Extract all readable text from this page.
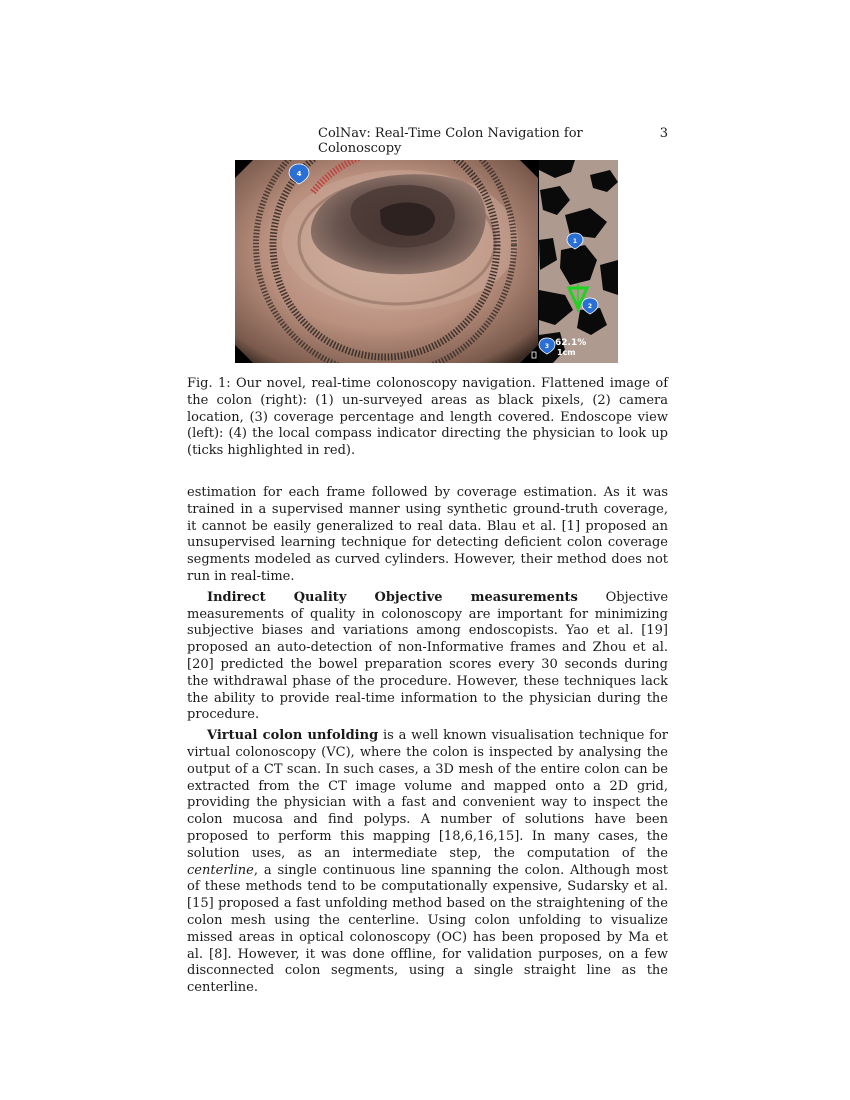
ColNav: Real-Time Colon Navigation for Colonoscopy
3
4
1
2
3 62.1%
1cm
Fig. 1: Our novel, real-time colonoscopy navigation. Flattened image of the colon (right): (1) un-surveyed areas as black pixels, (2) camera location, (3) coverage percentage and length covered. Endoscope view (left): (4) the local compass indicator directing the physician to look up (ticks highlighted in red).

estimation for each frame followed by coverage estimation. As it was trained in a supervised manner using synthetic ground-truth coverage, it cannot be easily generalized to real data. Blau et al. [1] proposed an unsupervised learning technique for detecting deficient colon coverage segments modeled as curved cylinders. However, their method does not run in real-time.

Indirect Quality Objective measurements Objective measurements of quality in colonoscopy are important for minimizing subjective biases and variations among endoscopists. Yao et al. [19] proposed an auto-detection of non-Informative frames and Zhou et al. [20] predicted the bowel preparation scores every 30 seconds during the withdrawal phase of the procedure. However, these techniques lack the ability to provide real-time information to the physician during the procedure.

Virtual colon unfolding is a well known visualisation technique for virtual colonoscopy (VC), where the colon is inspected by analysing the output of a CT scan. In such cases, a 3D mesh of the entire colon can be extracted from the CT image volume and mapped onto a 2D grid, providing the physician with a fast and convenient way to inspect the colon mucosa and find polyps. A number of solutions have been proposed to perform this mapping [18,6,16,15]. In many cases, the solution uses, as an intermediate step, the computation of the centerline, a single continuous line spanning the colon. Although most of these methods tend to be computationally expensive, Sudarsky et al. [15] proposed a fast unfolding method based on the straightening of the colon mesh using the centerline. Using colon unfolding to visualize missed areas in optical colonoscopy (OC) has been proposed by Ma et al. [8]. However, it was done offline, for validation purposes, on a few disconnected colon segments, using a single straight line as the centerline.
